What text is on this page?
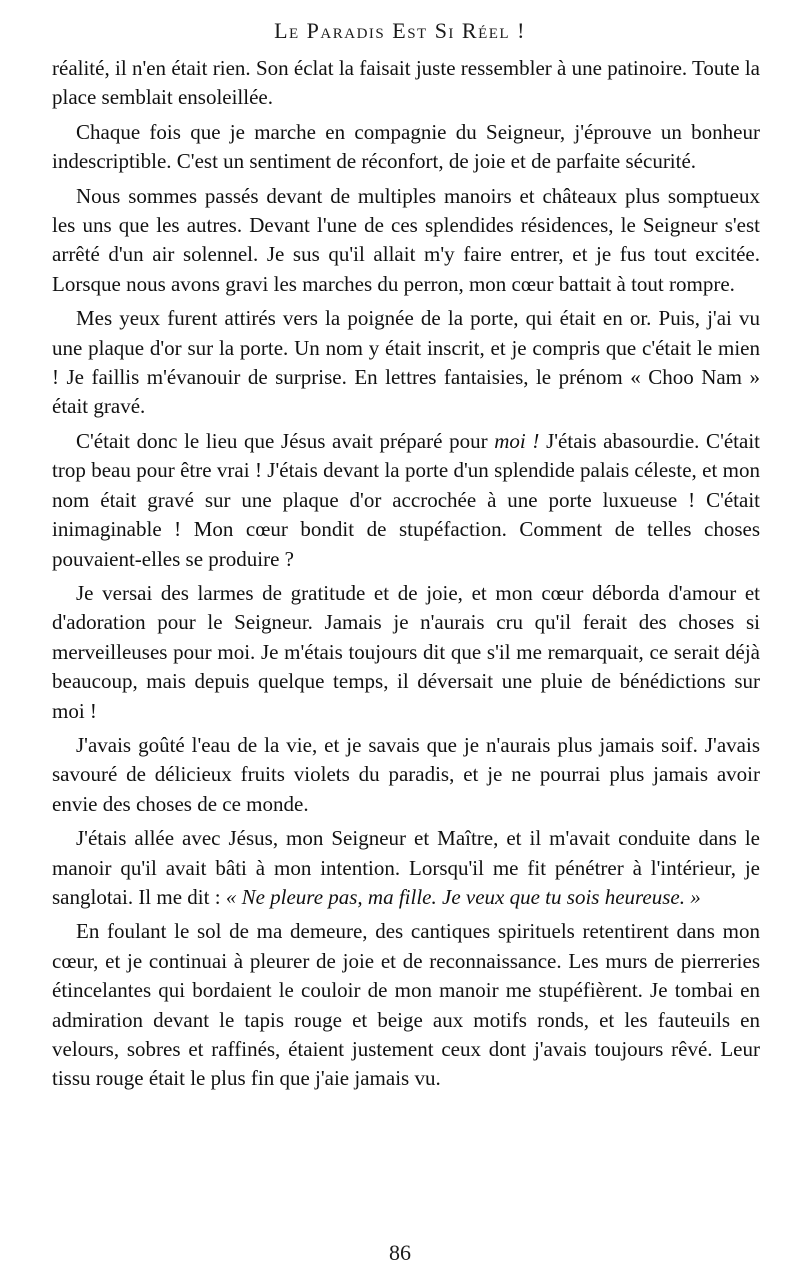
Le Paradis Est Si Réel !

réalité, il n'en était rien. Son éclat la faisait juste ressembler à une patinoire. Toute la place semblait ensoleillée.

Chaque fois que je marche en compagnie du Seigneur, j'éprouve un bonheur indescriptible. C'est un sentiment de réconfort, de joie et de parfaite sécurité.

Nous sommes passés devant de multiples manoirs et châteaux plus somptueux les uns que les autres. Devant l'une de ces splendides résidences, le Seigneur s'est arrêté d'un air solennel. Je sus qu'il allait m'y faire entrer, et je fus tout excitée. Lorsque nous avons gravi les marches du perron, mon cœur battait à tout rompre.

Mes yeux furent attirés vers la poignée de la porte, qui était en or. Puis, j'ai vu une plaque d'or sur la porte. Un nom y était inscrit, et je compris que c'était le mien ! Je faillis m'évanouir de surprise. En lettres fantaisies, le prénom « Choo Nam » était gravé.

C'était donc le lieu que Jésus avait préparé pour moi ! J'étais abasourdie. C'était trop beau pour être vrai ! J'étais devant la porte d'un splendide palais céleste, et mon nom était gravé sur une plaque d'or accrochée à une porte luxueuse ! C'était inimaginable ! Mon cœur bondit de stupéfaction. Comment de telles choses pouvaient-elles se produire ?

Je versai des larmes de gratitude et de joie, et mon cœur déborda d'amour et d'adoration pour le Seigneur. Jamais je n'aurais cru qu'il ferait des choses si merveilleuses pour moi. Je m'étais toujours dit que s'il me remarquait, ce serait déjà beaucoup, mais depuis quelque temps, il déversait une pluie de bénédictions sur moi !

J'avais goûté l'eau de la vie, et je savais que je n'aurais plus jamais soif. J'avais savouré de délicieux fruits violets du paradis, et je ne pourrai plus jamais avoir envie des choses de ce monde.

J'étais allée avec Jésus, mon Seigneur et Maître, et il m'avait conduite dans le manoir qu'il avait bâti à mon intention. Lorsqu'il me fit pénétrer à l'intérieur, je sanglotai. Il me dit : « Ne pleure pas, ma fille. Je veux que tu sois heureuse. »

En foulant le sol de ma demeure, des cantiques spirituels retentirent dans mon cœur, et je continuai à pleurer de joie et de reconnaissance. Les murs de pierreries étincelantes qui bordaient le couloir de mon manoir me stupéfièrent. Je tombai en admiration devant le tapis rouge et beige aux motifs ronds, et les fauteuils en velours, sobres et raffinés, étaient justement ceux dont j'avais toujours rêvé. Leur tissu rouge était le plus fin que j'aie jamais vu.

86
